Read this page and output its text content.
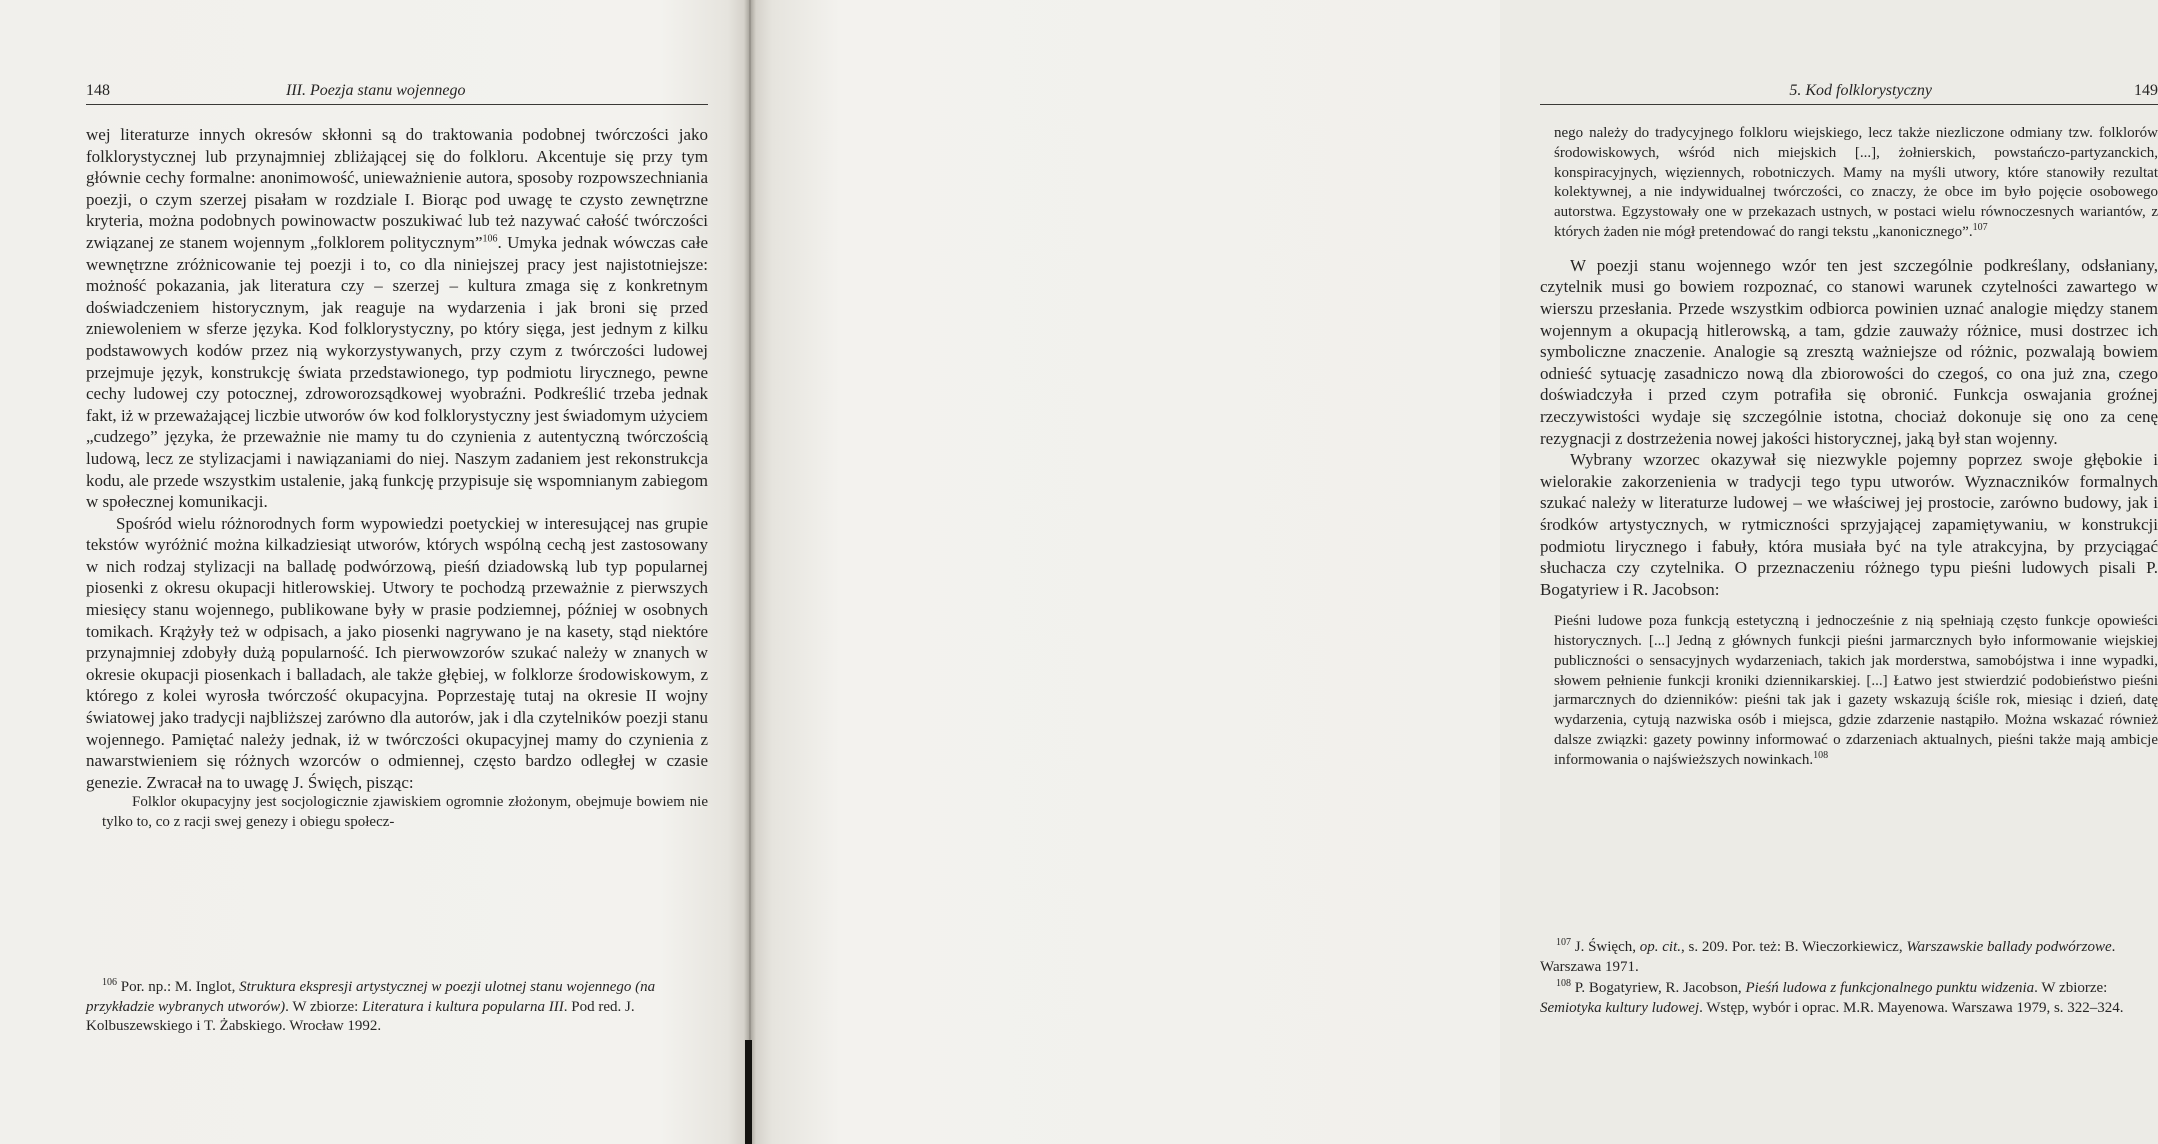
148	III. Poezja stanu wojennego

wej literaturze innych okresów skłonni są do traktowania podobnej twórczości jako folklorystycznej lub przynajmniej zbliżającej się do folkloru. Akcentuje się przy tym głównie cechy formalne: anonimowość, unieważnienie autora, sposoby rozpowszechniania poezji, o czym szerzej pisałam w rozdziale I. Biorąc pod uwagę te czysto zewnętrzne kryteria, można podobnych powinowactw poszukiwać lub też nazywać całość twórczości związanej ze stanem wojennym „folklorem politycznym”$^{106}$. Umyka jednak wówczas całe wewnętrzne zróżnicowanie tej poezji i to, co dla niniejszej pracy jest najistotniejsze: możność pokazania, jak literatura czy – szerzej – kultura zmaga się z konkretnym doświadczeniem historycznym, jak reaguje na wydarzenia i jak broni się przed zniewoleniem w sferze języka. Kod folklorystyczny, po który sięga, jest jednym z kilku podstawowych kodów przez nią wykorzystywanych, przy czym z twórczości ludowej przejmuje język, konstrukcję świata przedstawionego, typ podmiotu lirycznego, pewne cechy ludowej czy potocznej, zdroworozsądkowej wyobraźni. Podkreślić trzeba jednak fakt, iż w przeważającej liczbie utworów ów kod folklorystyczny jest świadomym użyciem „cudzego” języka, że przeważnie nie mamy tu do czynienia z autentyczną twórczością ludową, lecz ze stylizacjami i nawiązaniami do niej. Naszym zadaniem jest rekonstrukcja kodu, ale przede wszystkim ustalenie, jaką funkcję przypisuje się wspomnianym zabiegom w społecznej komunikacji.

Spośród wielu różnorodnych form wypowiedzi poetyckiej w interesującej nas grupie tekstów wyróżnić można kilkadziesiąt utworów, których wspólną cechą jest zastosowany w nich rodzaj stylizacji na balladę podwórzową, pieśń dziadowską lub typ popularnej piosenki z okresu okupacji hitlerowskiej. Utwory te pochodzą przeważnie z pierwszych miesięcy stanu wojennego, publikowane były w prasie podziemnej, później w osobnych tomikach. Krążyły też w odpisach, a jako piosenki nagrywano je na kasety, stąd niektóre przynajmniej zdobyły dużą popularność. Ich pierwowzorów szukać należy w znanych w okresie okupacji piosenkach i balladach, ale także głębiej, w folklorze środowiskowym, z którego z kolei wyrosła twórczość okupacyjna. Poprzestaję tutaj na okresie II wojny światowej jako tradycji najbliższej zarówno dla autorów, jak i dla czytelników poezji stanu wojennego. Pamiętać należy jednak, iż w twórczości okupacyjnej mamy do czynienia z nawarstwieniem się różnych wzorców o odmiennej, często bardzo odległej w czasie genezie. Zwracał na to uwagę J. Święch, pisząc:

Folklor okupacyjny jest socjologicznie zjawiskiem ogromnie złożonym, obejmuje bowiem nie tylko to, co z racji swej genezy i obiegu społecz-

$^{106}$ Por. np.: M. Inglot, Struktura ekspresji artystycznej w poezji ulotnej stanu wojennego (na przykładzie wybranych utworów). W zbiorze: Literatura i kultura popularna III. Pod red. J. Kolbuszewskiego i T. Żabskiego. Wrocław 1992.

5. Kod folklorystyczny	149

nego należy do tradycyjnego folkloru wiejskiego, lecz także niezliczone odmiany tzw. folklorów środowiskowych, wśród nich miejskich [...], żołnierskich, powstańczo-partyzanckich, konspiracyjnych, więziennych, robotniczych. Mamy na myśli utwory, które stanowiły rezultat kolektywnej, a nie indywidualnej twórczości, co znaczy, że obce im było pojęcie osobowego autorstwa. Egzystowały one w przekazach ustnych, w postaci wielu równoczesnych wariantów, z których żaden nie mógł pretendować do rangi tekstu „kanonicznego”.$^{107}$

W poezji stanu wojennego wzór ten jest szczególnie podkreślany, odsłaniany, czytelnik musi go bowiem rozpoznać, co stanowi warunek czytelności zawartego w wierszu przesłania. Przede wszystkim odbiorca powinien uznać analogie między stanem wojennym a okupacją hitlerowską, a tam, gdzie zauważy różnice, musi dostrzec ich symboliczne znaczenie. Analogie są zresztą ważniejsze od różnic, pozwalają bowiem odnieść sytuację zasadniczo nową dla zbiorowości do czegoś, co ona już zna, czego doświadczyła i przed czym potrafiła się obronić. Funkcja oswajania groźnej rzeczywistości wydaje się szczególnie istotna, chociaż dokonuje się ono za cenę rezygnacji z dostrzeżenia nowej jakości historycznej, jaką był stan wojenny.

Wybrany wzorzec okazywał się niezwykle pojemny poprzez swoje głębokie i wielorakie zakorzenienia w tradycji tego typu utworów. Wyznaczników formalnych szukać należy w literaturze ludowej – we właściwej jej prostocie, zarówno budowy, jak i środków artystycznych, w rytmiczności sprzyjającej zapamiętywaniu, w konstrukcji podmiotu lirycznego i fabuły, która musiała być na tyle atrakcyjna, by przyciągać słuchacza czy czytelnika. O przeznaczeniu różnego typu pieśni ludowych pisali P. Bogatyriew i R. Jacobson:

Pieśni ludowe poza funkcją estetyczną i jednocześnie z nią spełniają często funkcje opowieści historycznych. [...] Jedną z głównych funkcji pieśni jarmarcznych było informowanie wiejskiej publiczności o sensacyjnych wydarzeniach, takich jak morderstwa, samobójstwa i inne wypadki, słowem pełnienie funkcji kroniki dziennikarskiej. [...] Łatwo jest stwierdzić podobieństwo pieśni jarmarcznych do dzienników: pieśni tak jak i gazety wskazują ściśle rok, miesiąc i dzień, datę wydarzenia, cytują nazwiska osób i miejsca, gdzie zdarzenie nastąpiło. Można wskazać również dalsze związki: gazety powinny informować o zdarzeniach aktualnych, pieśni także mają ambicje informowania o najświeższych nowinkach.$^{108}$

$^{107}$ J. Święch, op. cit., s. 209. Por. też: B. Wieczorkiewicz, Warszawskie ballady podwórzowe. Warszawa 1971.

$^{108}$ P. Bogatyriew, R. Jacobson, Pieśń ludowa z funkcjonalnego punktu widzenia. W zbiorze: Semiotyka kultury ludowej. Wstęp, wybór i oprac. M.R. Mayenowa. Warszawa 1979, s. 322–324.
